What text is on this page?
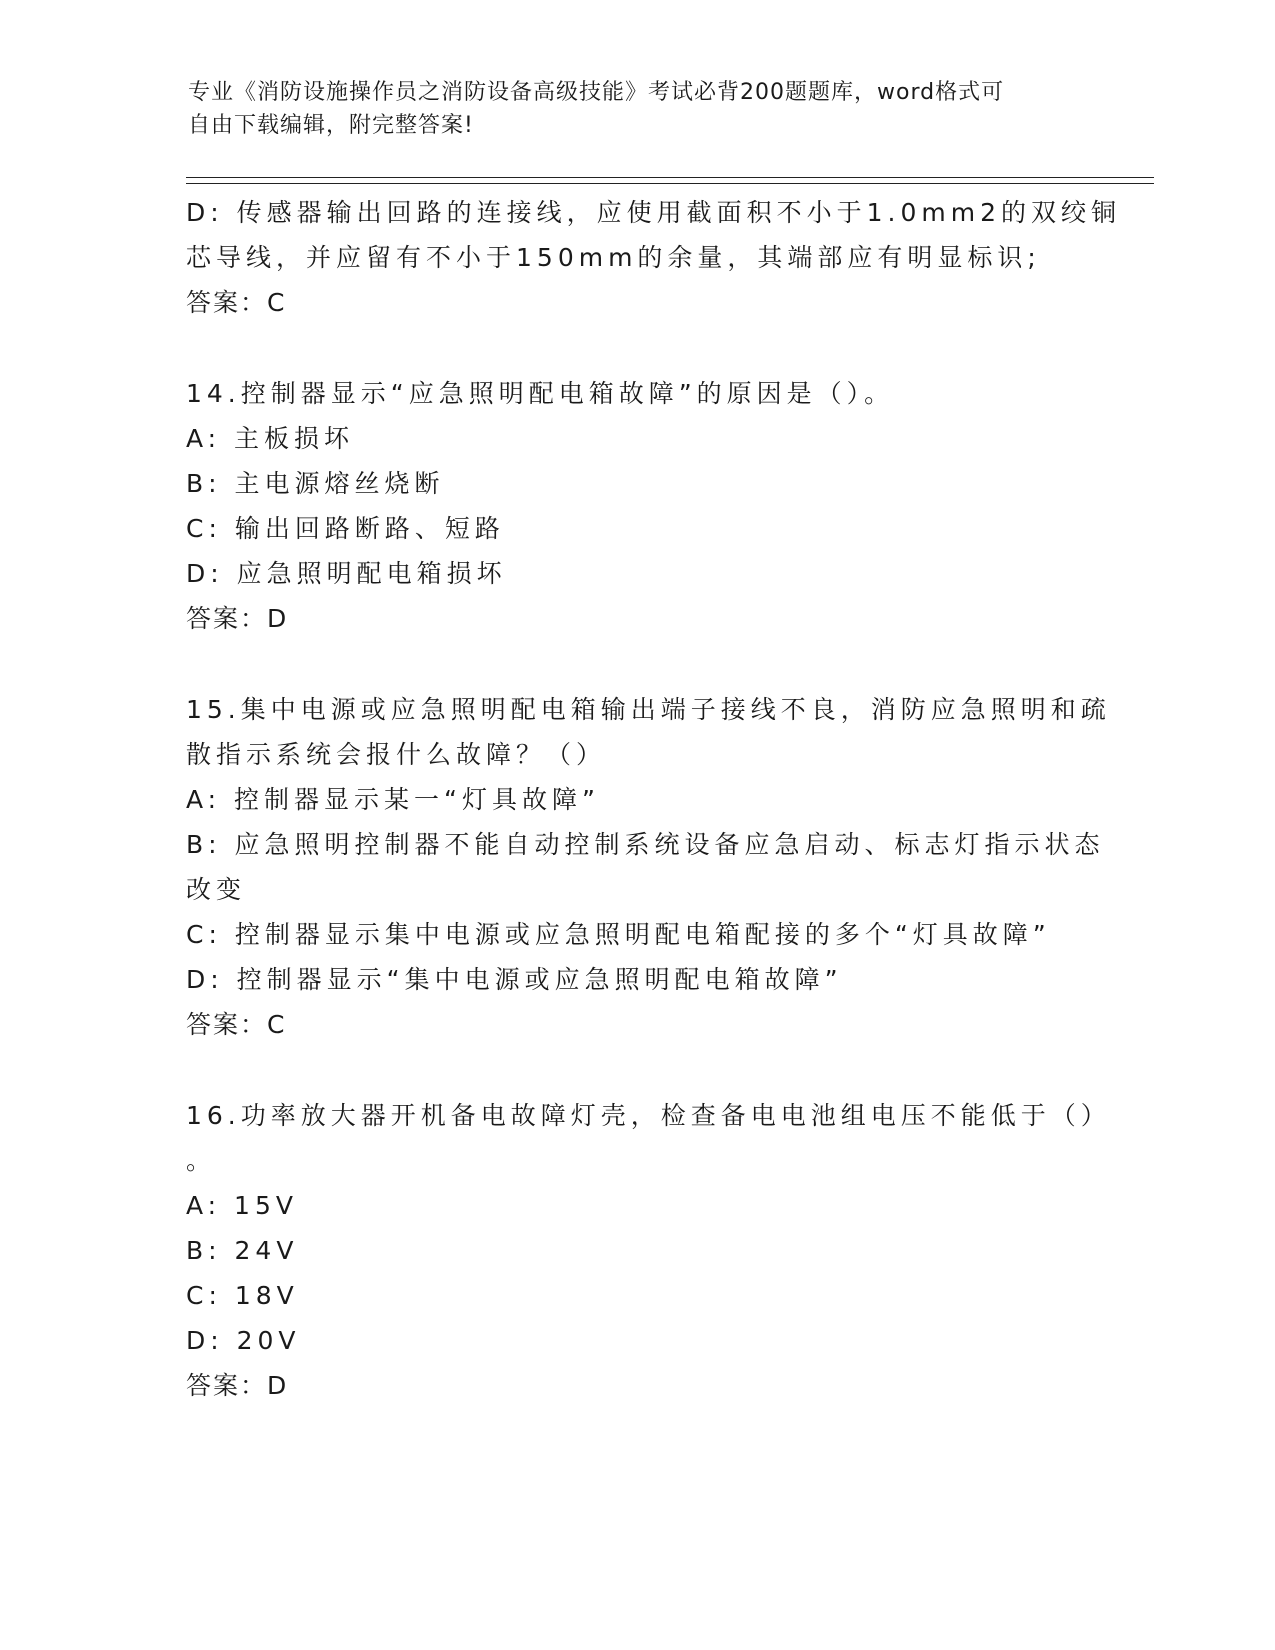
专业《消防设施操作员之消防设备高级技能》考试必背200题题库，word格式可
自由下载编辑，附完整答案!
D: 传感器输出回路的连接线，应使用截面积不小于1.0mm2的双绞铜
芯导线，并应留有不小于150mm的余量，其端部应有明显标识;
答案：C
14.控制器显示“应急照明配电箱故障”的原因是（）。
A: 主板损坏
B: 主电源熔丝烧断
C: 输出回路断路、短路
D: 应急照明配电箱损坏
答案：D
15.集中电源或应急照明配电箱输出端子接线不良，消防应急照明和疏
散指示系统会报什么故障？（）
A: 控制器显示某一“灯具故障”
B: 应急照明控制器不能自动控制系统设备应急启动、标志灯指示状态
改变
C: 控制器显示集中电源或应急照明配电箱配接的多个“灯具故障”
D: 控制器显示“集中电源或应急照明配电箱故障”
答案：C
16.功率放大器开机备电故障灯壳，检查备电电池组电压不能低于（）
。
A: 15V
B: 24V
C: 18V
D: 20V
答案：D
